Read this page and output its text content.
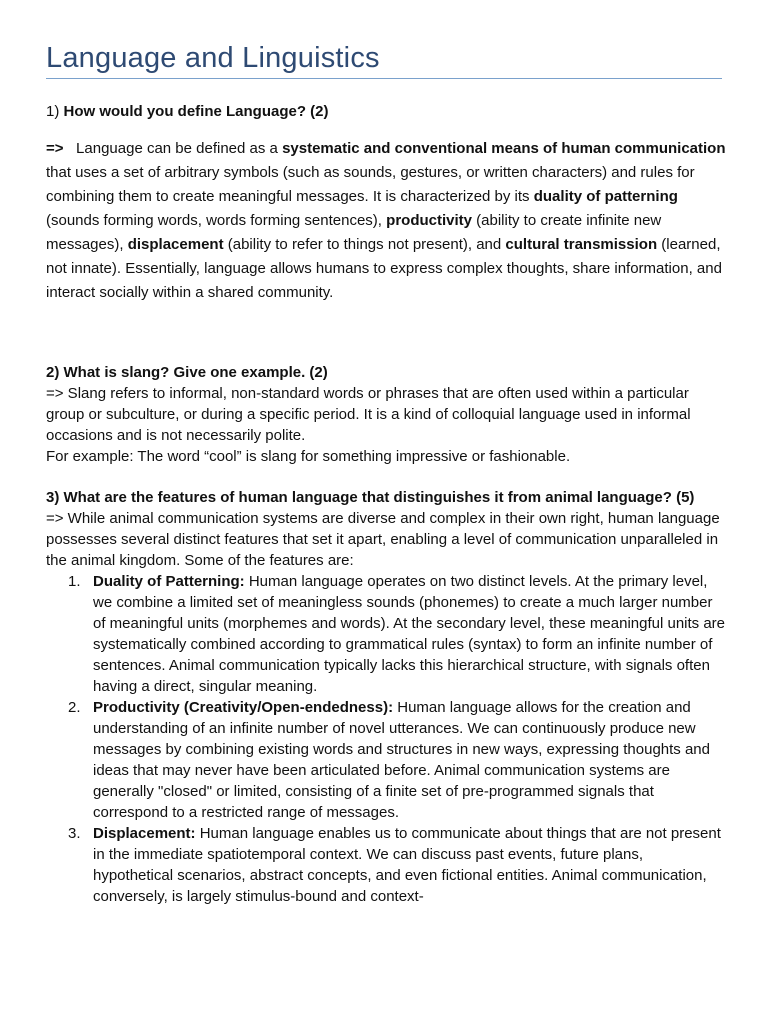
Language and Linguistics
1) How would you define Language? (2)
=> Language can be defined as a systematic and conventional means of human communication that uses a set of arbitrary symbols (such as sounds, gestures, or written characters) and rules for combining them to create meaningful messages. It is characterized by its duality of patterning (sounds forming words, words forming sentences), productivity (ability to create infinite new messages), displacement (ability to refer to things not present), and cultural transmission (learned, not innate). Essentially, language allows humans to express complex thoughts, share information, and interact socially within a shared community.

2) What is slang? Give one example. (2)

=> Slang refers to informal, non-standard words or phrases that are often used within a particular group or subculture, or during a specific period. It is a kind of colloquial language used in informal occasions and is not necessarily polite.

For example: The word “cool” is slang for something impressive or fashionable.

3) What are the features of human language that distinguishes it from animal language? (5)

=> While animal communication systems are diverse and complex in their own right, human language possesses several distinct features that set it apart, enabling a level of communication unparalleled in the animal kingdom. Some of the features are:

1. Duality of Patterning: Human language operates on two distinct levels. At the primary level, we combine a limited set of meaningless sounds (phonemes) to create a much larger number of meaningful units (morphemes and words). At the secondary level, these meaningful units are systematically combined according to grammatical rules (syntax) to form an infinite number of sentences. Animal communication typically lacks this hierarchical structure, with signals often having a direct, singular meaning.
2. Productivity (Creativity/Open-endedness): Human language allows for the creation and understanding of an infinite number of novel utterances. We can continuously produce new messages by combining existing words and structures in new ways, expressing thoughts and ideas that may never have been articulated before. Animal communication systems are generally "closed" or limited, consisting of a finite set of pre-programmed signals that correspond to a restricted range of messages.
3. Displacement: Human language enables us to communicate about things that are not present in the immediate spatiotemporal context. We can discuss past events, future plans, hypothetical scenarios, abstract concepts, and even fictional entities. Animal communication, conversely, is largely stimulus-bound and context-
